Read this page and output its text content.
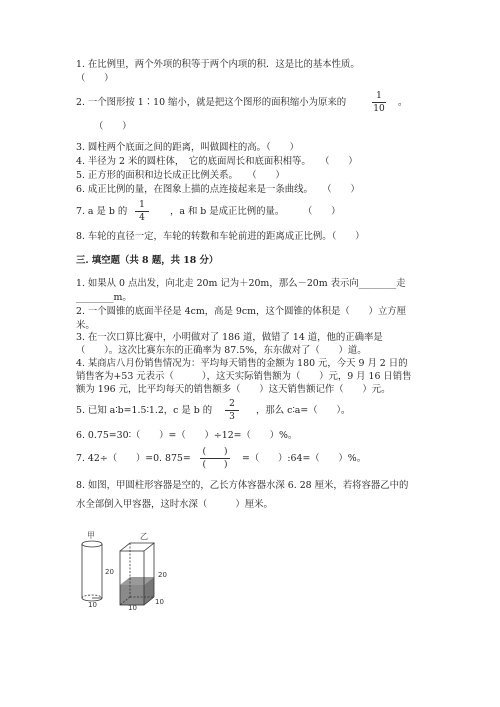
1. 在比例里，两个外项的积等于两个内项的积．这是比的基本性质。
（　　）
2. 一个图形按 1∶10 缩小，就是把这个图形的面积缩小为原来的
1
10
。
（　　）
3. 圆柱两个底面之间的距离，叫做圆柱的高。（　　）
4. 半径为 2 米的圆柱体，　它的底面周长和底面积相等。　　（　　）
5. 正方形的面积和边长成正比例关系。　　（　　）
6. 成正比例的量，在图象上描的点连接起来是一条曲线。　　（　　）
7. a 是 b 的
1
4
，a 和 b 是成正比例的量。　　　（　　）
8. 车轮的直径一定，车轮的转数和车轮前进的距离成正比例。（　　）
三. 填空题（共 8 题，共 18 分）
1. 如果从 0 点出发，向北走 20m 记为＋20m，那么－20m 表示向________走
________m。
2. 一个圆锥的底面半径是 4cm，高是 9cm，这个圆锥的体积是（　　）立方厘
米。
3. 在一次口算比赛中，小明做对了 186 道，做错了 14 道，他的正确率是
（　　）。这次比赛东东的正确率为 87.5%，东东做对了（　　）道。
4. 某商店八月份销售情况为：平均每天销售的金额为 180 元，今天 9 月 2 日的
销售客为+53 元表示（　　　），这天实际销售额为（　　）元，9 月 16 日销售
额为 196 元，比平均每天的销售额多（　　）这天销售额记作（　　）元。
5. 已知 a∶b=1.5∶1.2，c 是 b 的
2
3
，那么 c∶a=（　　）。
6. 0.75=30∶（　　）=（　　）÷12=（　　）%。
7. 42÷（　　）=0. 875=
(　　)
(　　)
=（　　）:64=（　　）%。
8. 如图，甲圆柱形容器是空的，乙长方体容器水深 6. 28 厘米，若将容器乙中的
水全部倒入甲容器，这时水深（　　　）厘米。
甲
20
10
乙
20
10
10
